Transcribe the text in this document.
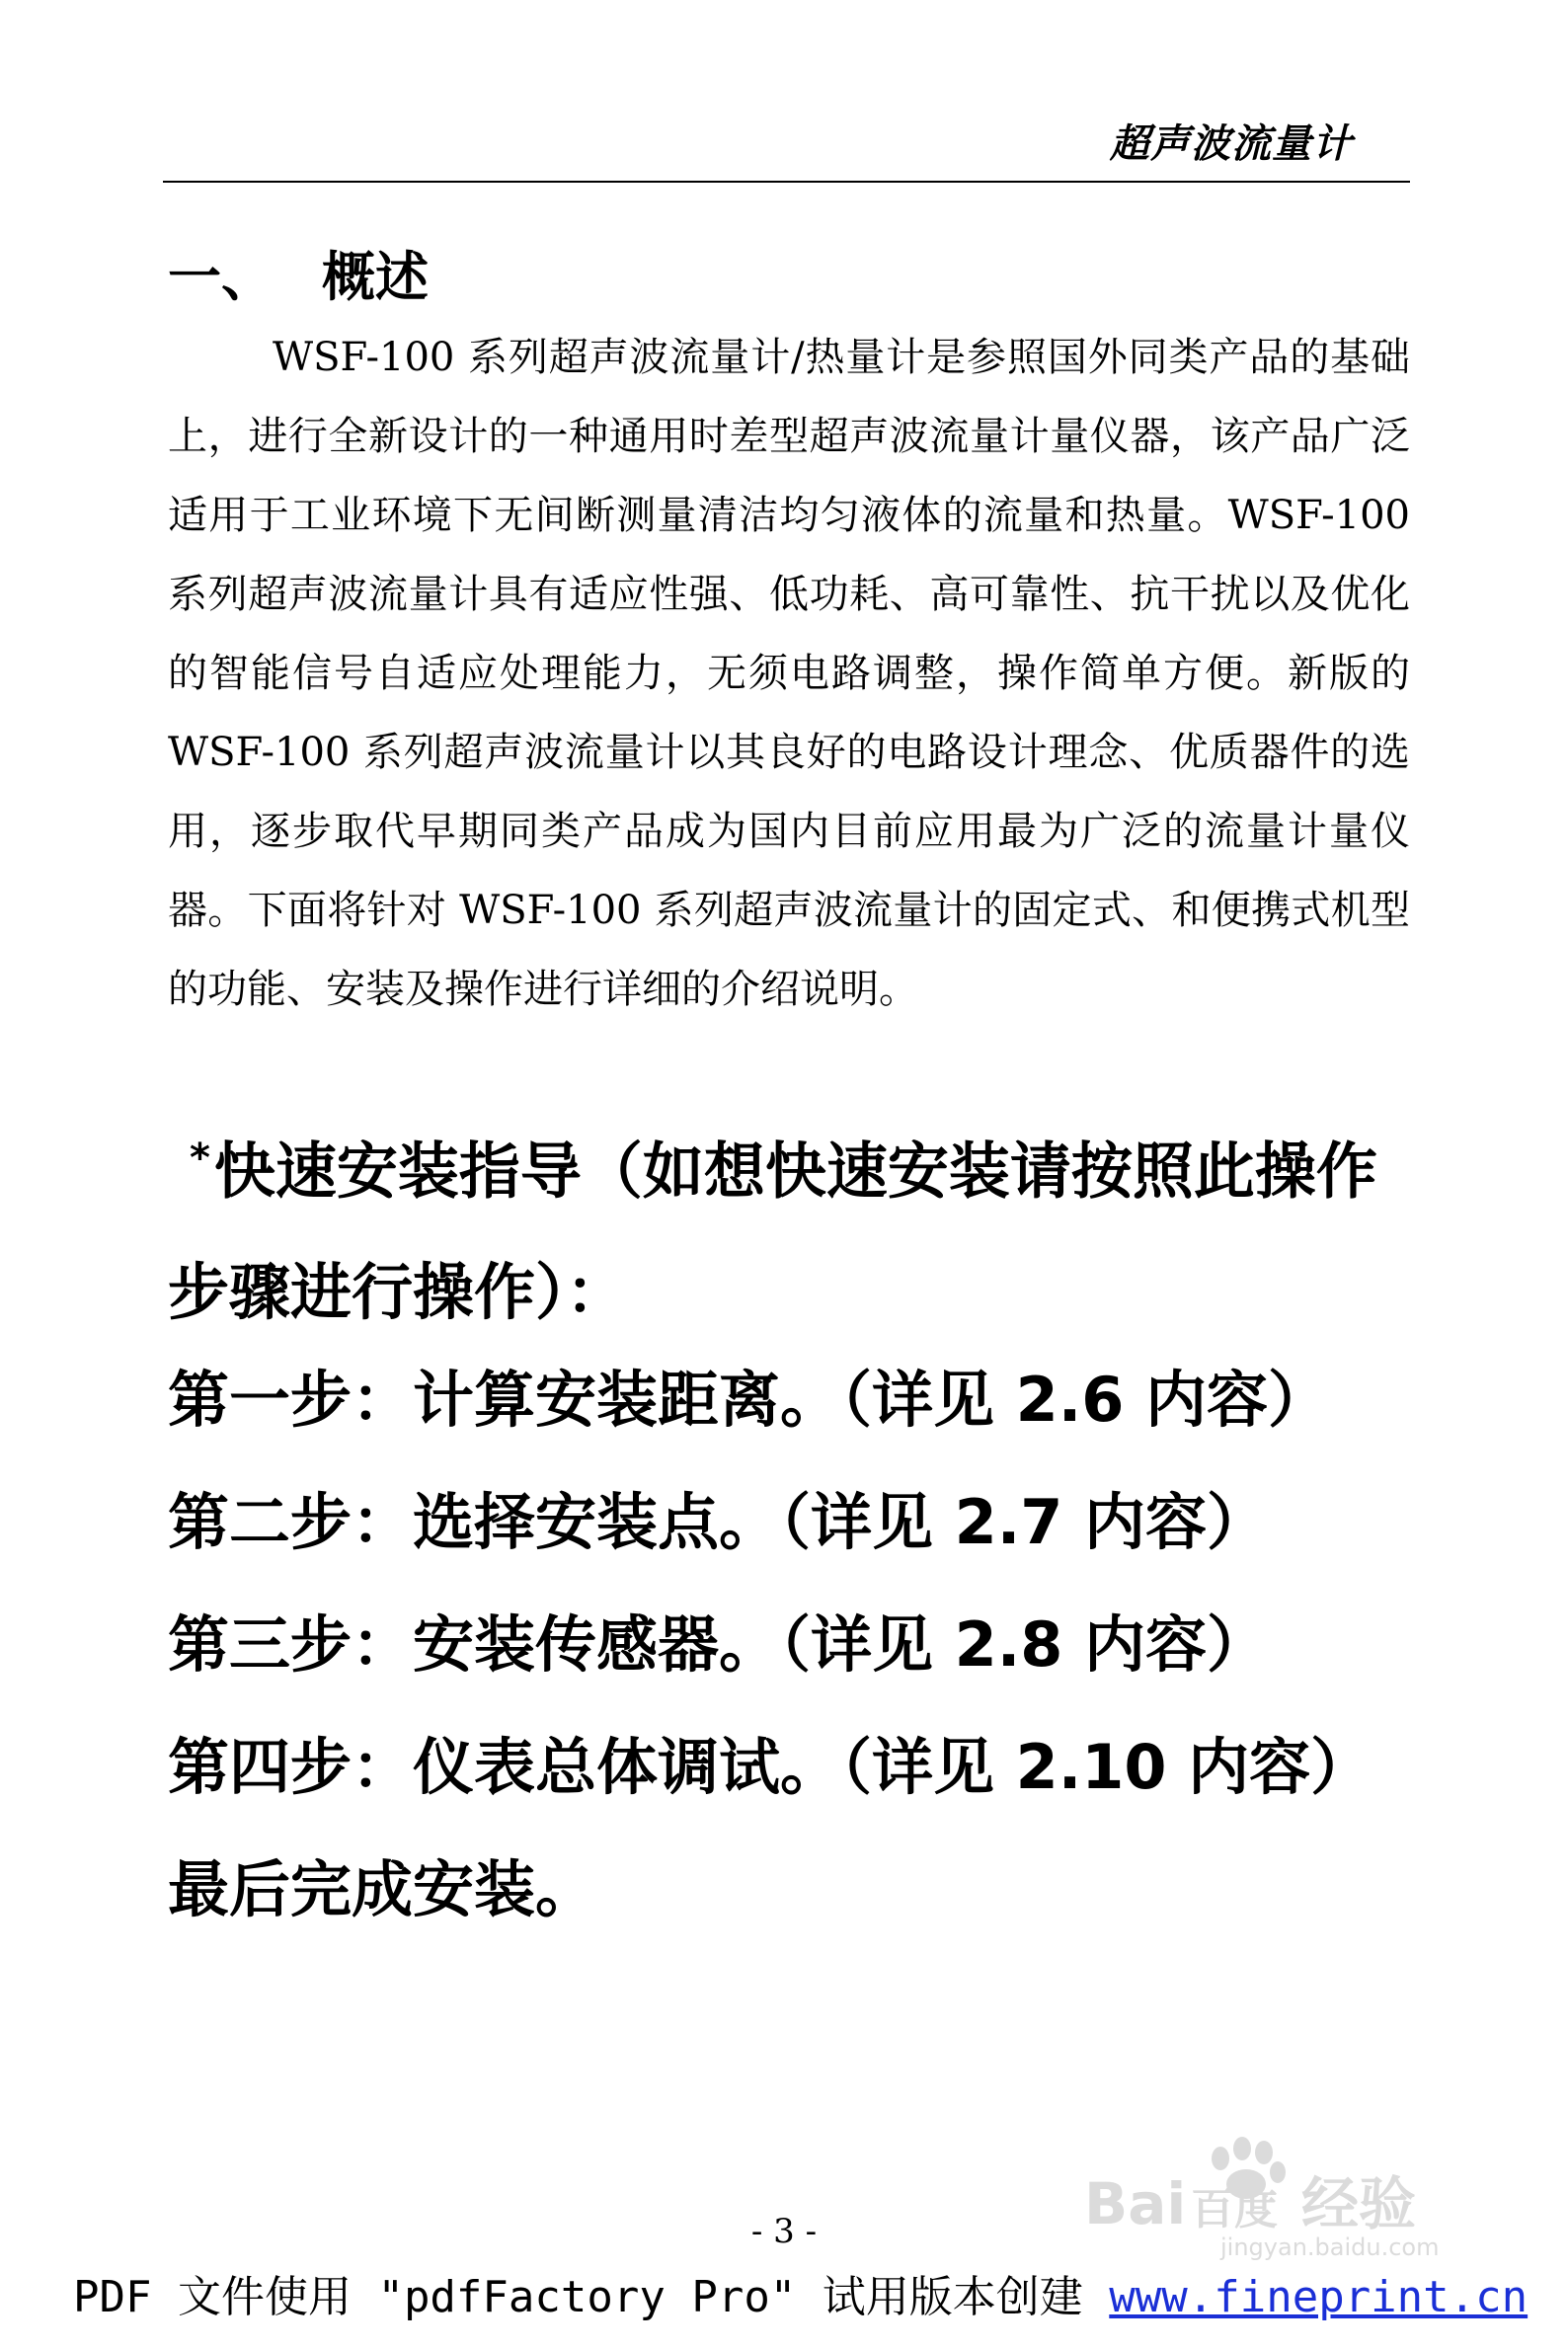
超声波流量计
一、 概述

WSF-100 系列超声波流量计/热量计是参照国外同类产品的基础上，进行全新设计的一种通用时差型超声波流量计量仪器，该产品广泛适用于工业环境下无间断测量清洁均匀液体的流量和热量。WSF-100 系列超声波流量计具有适应性强、低功耗、高可靠性、抗干扰以及优化的智能信号自适应处理能力，无须电路调整，操作简单方便。新版的 WSF-100 系列超声波流量计以其良好的电路设计理念、优质器件的选用，逐步取代早期同类产品成为国内目前应用最为广泛的流量计量仪器。下面将针对 WSF-100 系列超声波流量计的固定式、和便携式机型的功能、安装及操作进行详细的介绍说明。

*快速安装指导（如想快速安装请按照此操作步骤进行操作）：

第一步：计算安装距离。（详见 2.6 内容）
第二步：选择安装点。（详见 2.7 内容）
第三步：安装传感器。（详见 2.8 内容）
第四步：仪表总体调试。（详见 2.10 内容）
最后完成安装。
Bai 百度 经验
jingyan.baidu.com
- 3 -
PDF 文件使用 "pdfFactory Pro" 试用版本创建 www.fineprint.cn
